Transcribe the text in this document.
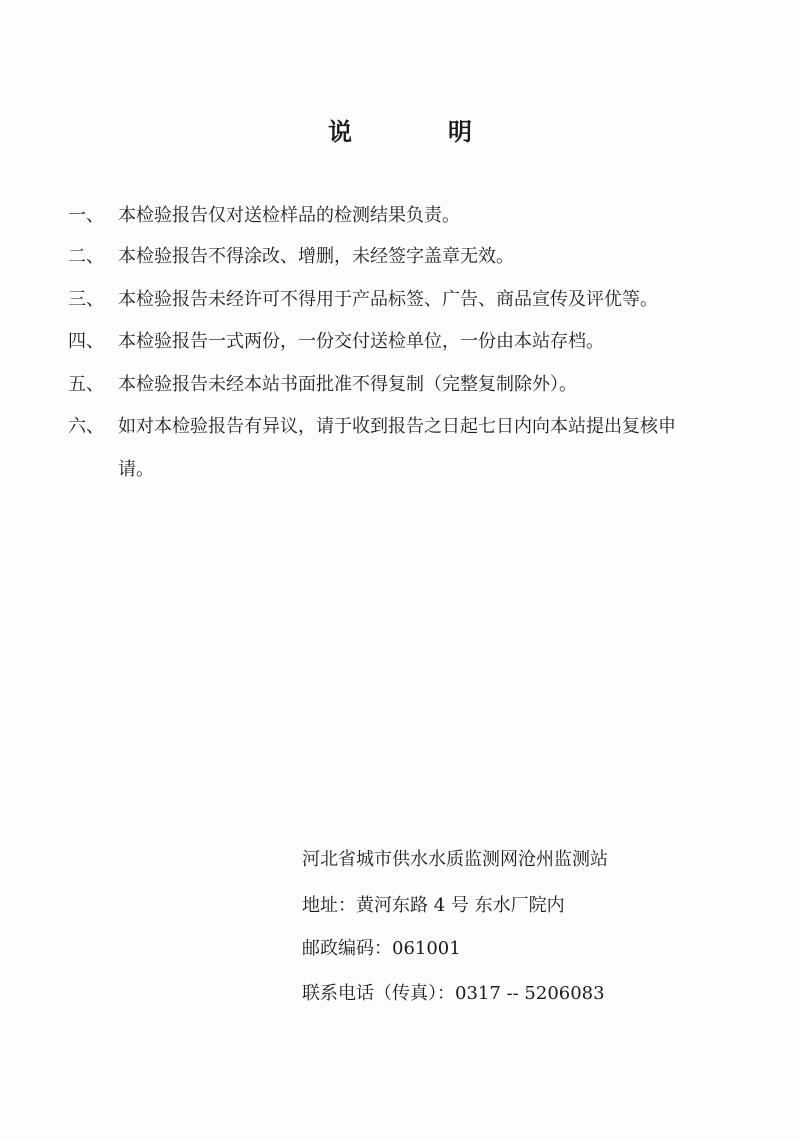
说	明
一、 本检验报告仅对送检样品的检测结果负责。
二、 本检验报告不得涂改、增删，未经签字盖章无效。
三、 本检验报告未经许可不得用于产品标签、广告、商品宣传及评优等。
四、 本检验报告一式两份，一份交付送检单位，一份由本站存档。
五、 本检验报告未经本站书面批准不得复制（完整复制除外）。
六、 如对本检验报告有异议，请于收到报告之日起七日内向本站提出复核申
请。
河北省城市供水水质监测网沧州监测站
地址：黄河东路 4 号 东水厂院内
邮政编码：061001
联系电话（传真）：0317 -- 5206083
